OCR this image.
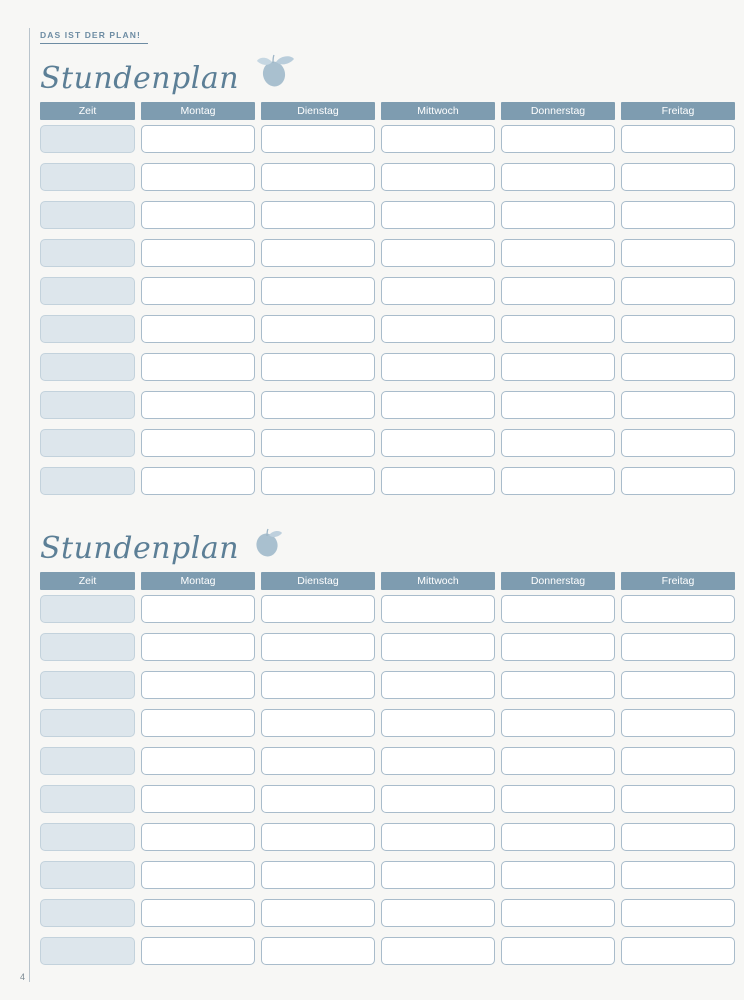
DAS IST DER PLAN!
Stundenplan
Zeit	Montag	Dienstag	Mittwoch	Donnerstag	Freitag

Stundenplan
Zeit	Montag	Dienstag	Mittwoch	Donnerstag	Freitag

4
